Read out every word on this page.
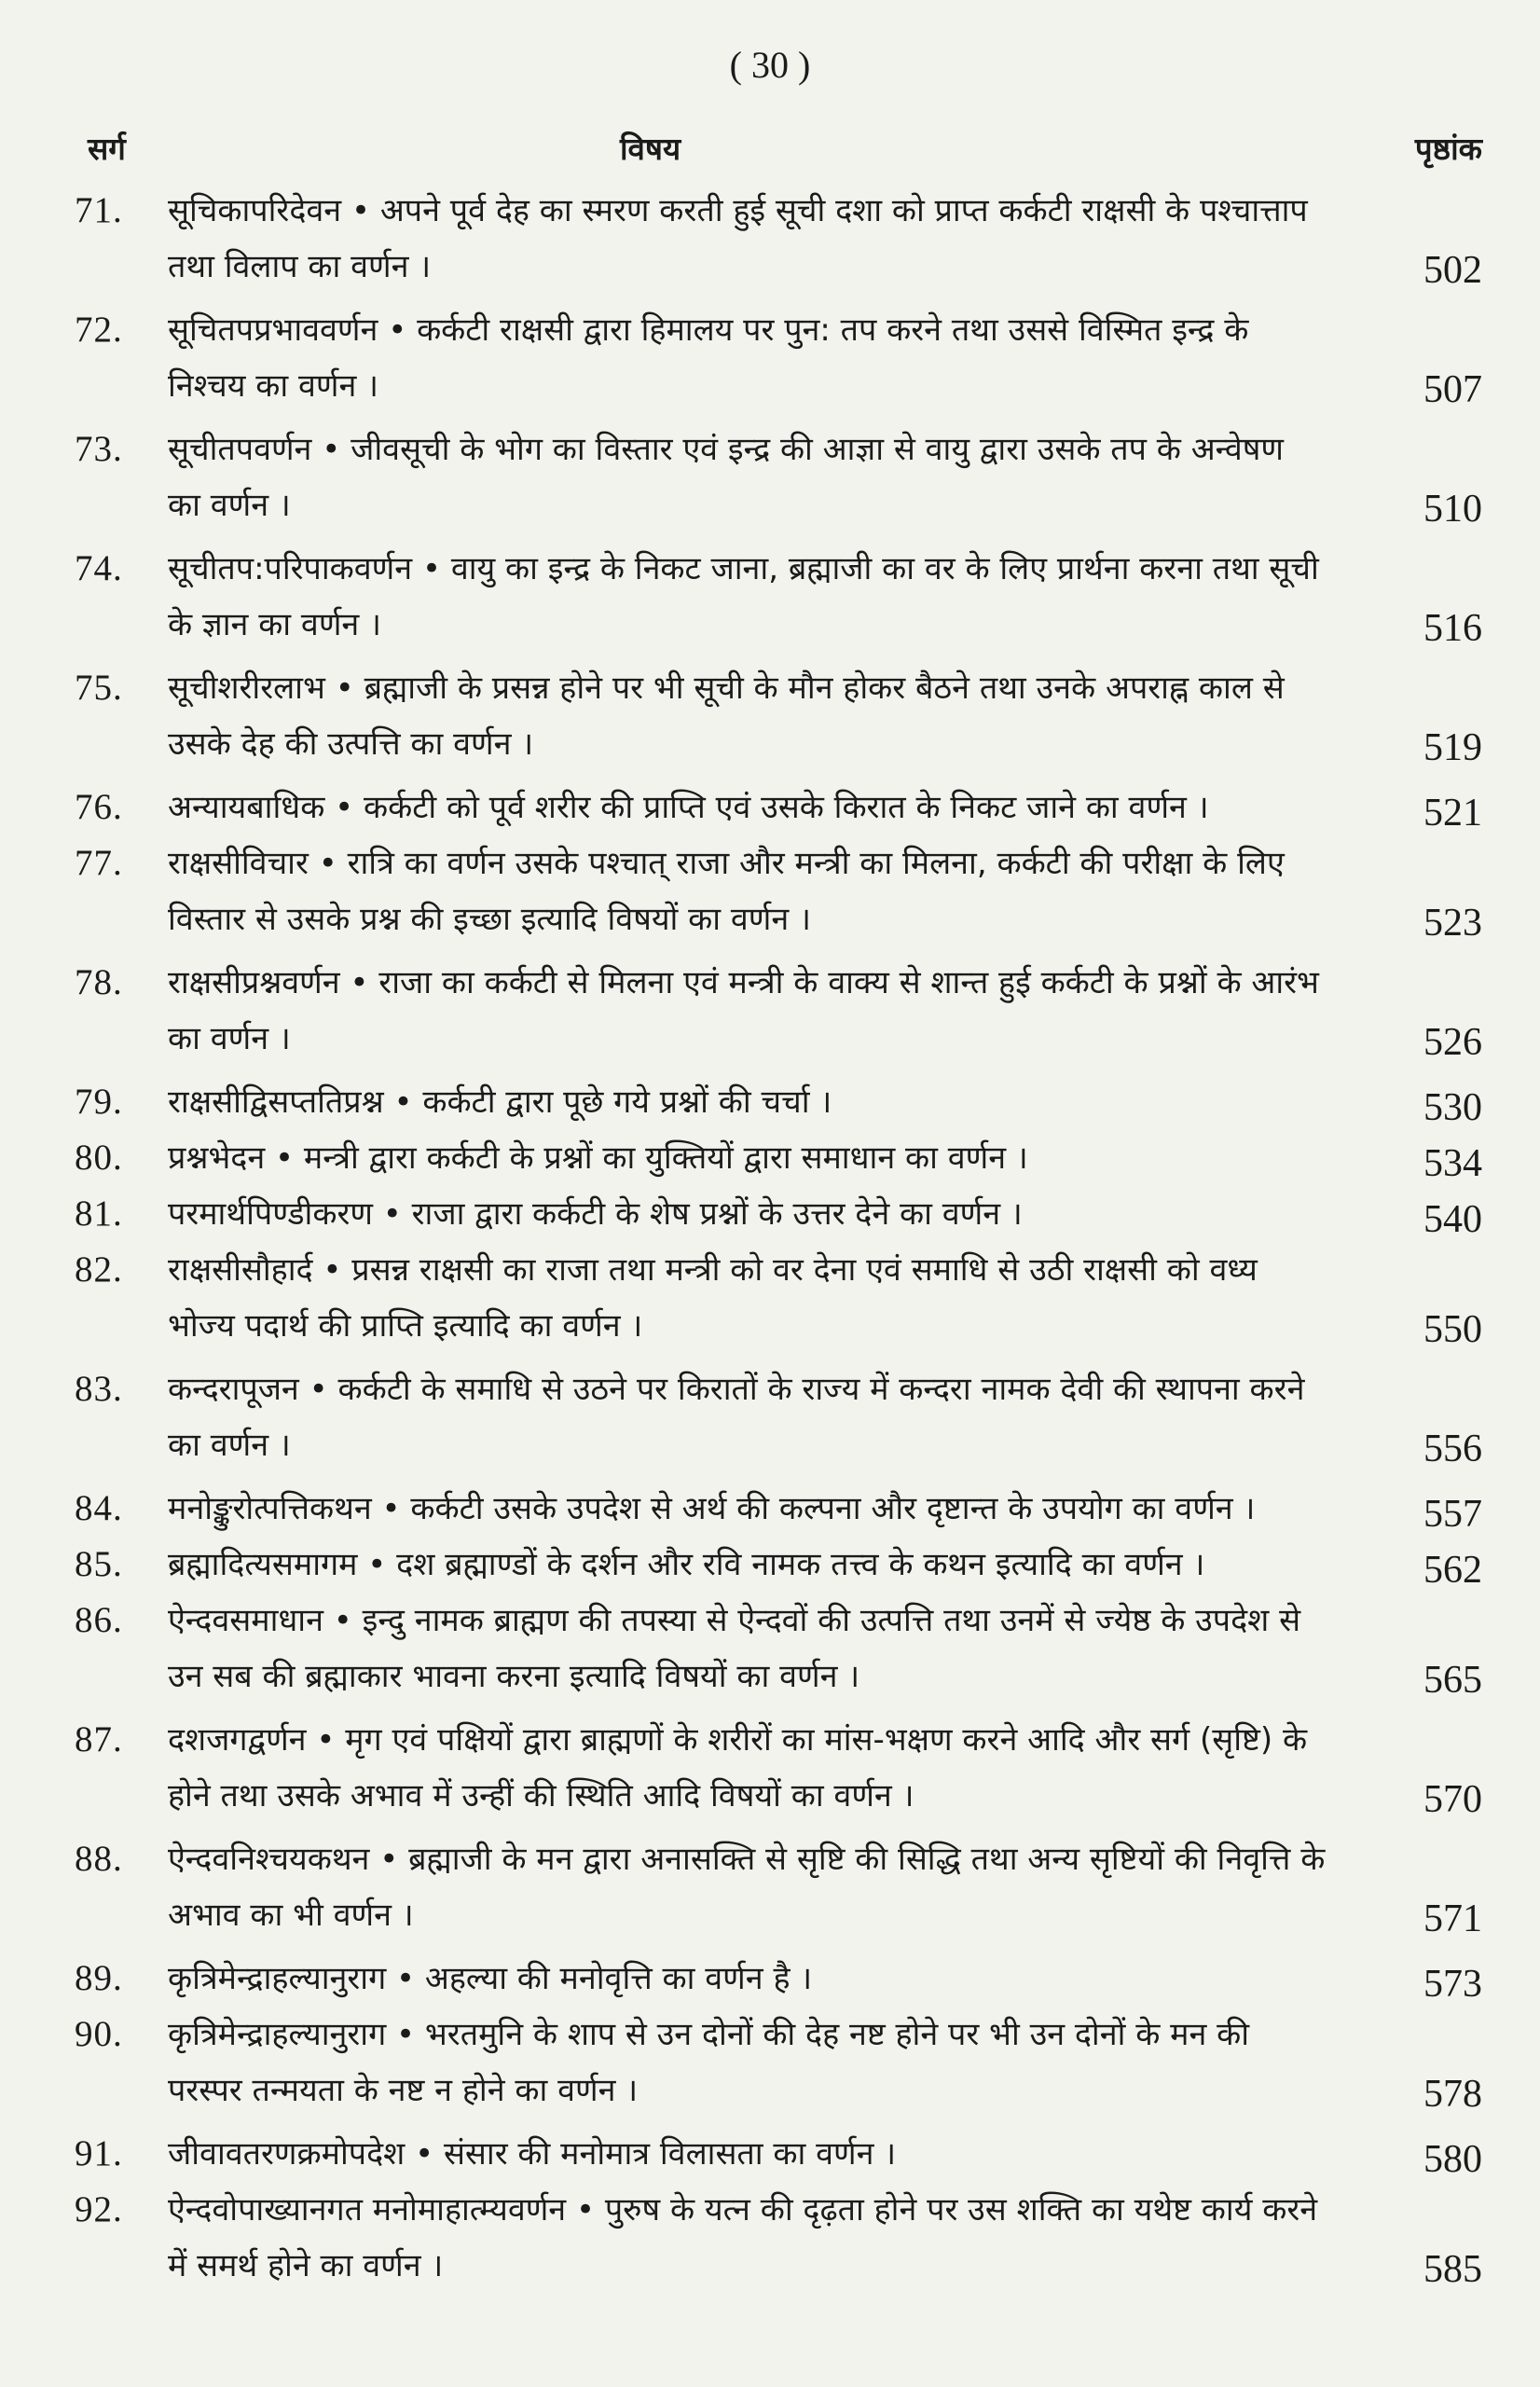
( 30 )
सर्ग	विषय	पृष्ठांक
71. सूचिकापरिदेवन • अपने पूर्व देह का स्मरण करती हुई सूची दशा को प्राप्त कर्कटी राक्षसी के पश्चात्ताप तथा विलाप का वर्णन ।	502
72. सूचितपप्रभाववर्णन • कर्कटी राक्षसी द्वारा हिमालय पर पुन: तप करने तथा उससे विस्मित इन्द्र के निश्चय का वर्णन ।	507
73. सूचीतपवर्णन • जीवसूची के भोग का विस्तार एवं इन्द्र की आज्ञा से वायु द्वारा उसके तप के अन्वेषण का वर्णन ।	510
74. सूचीतप:परिपाकवर्णन • वायु का इन्द्र के निकट जाना, ब्रह्माजी का वर के लिए प्रार्थना करना तथा सूची के ज्ञान का वर्णन ।	516
75. सूचीशरीरलाभ • ब्रह्माजी के प्रसन्न होने पर भी सूची के मौन होकर बैठने तथा उनके अपराह्न काल से उसके देह की उत्पत्ति का वर्णन ।	519
76. अन्यायबाधिक • कर्कटी को पूर्व शरीर की प्राप्ति एवं उसके किरात के निकट जाने का वर्णन ।	521
77. राक्षसीविचार • रात्रि का वर्णन उसके पश्चात् राजा और मन्त्री का मिलना, कर्कटी की परीक्षा के लिए विस्तार से उसके प्रश्न की इच्छा इत्यादि विषयों का वर्णन ।	523
78. राक्षसीप्रश्नवर्णन • राजा का कर्कटी से मिलना एवं मन्त्री के वाक्य से शान्त हुई कर्कटी के प्रश्नों के आरंभ का वर्णन ।	526
79. राक्षसीद्विसप्ततिप्रश्न • कर्कटी द्वारा पूछे गये प्रश्नों की चर्चा ।	530
80. प्रश्नभेदन • मन्त्री द्वारा कर्कटी के प्रश्नों का युक्तियों द्वारा समाधान का वर्णन ।	534
81. परमार्थपिण्डीकरण • राजा द्वारा कर्कटी के शेष प्रश्नों के उत्तर देने का वर्णन ।	540
82. राक्षसीसौहार्द • प्रसन्न राक्षसी का राजा तथा मन्त्री को वर देना एवं समाधि से उठी राक्षसी को वध्य भोज्य पदार्थ की प्राप्ति इत्यादि का वर्णन ।	550
83. कन्दरापूजन • कर्कटी के समाधि से उठने पर किरातों के राज्य में कन्दरा नामक देवी की स्थापना करने का वर्णन ।	556
84. मनोङ्कुरोत्पत्तिकथन • कर्कटी उसके उपदेश से अर्थ की कल्पना और दृष्टान्त के उपयोग का वर्णन ।	557
85. ब्रह्मादित्यसमागम • दश ब्रह्माण्डों के दर्शन और रवि नामक तत्त्व के कथन इत्यादि का वर्णन ।	562
86. ऐन्दवसमाधान • इन्दु नामक ब्राह्मण की तपस्या से ऐन्दवों की उत्पत्ति तथा उनमें से ज्येष्ठ के उपदेश से उन सब की ब्रह्माकार भावना करना इत्यादि विषयों का वर्णन ।	565
87. दशजगद्वर्णन • मृग एवं पक्षियों द्वारा ब्राह्मणों के शरीरों का मांस-भक्षण करने आदि और सर्ग (सृष्टि) के होने तथा उसके अभाव में उन्हीं की स्थिति आदि विषयों का वर्णन ।	570
88. ऐन्दवनिश्चयकथन • ब्रह्माजी के मन द्वारा अनासक्ति से सृष्टि की सिद्धि तथा अन्य सृष्टियों की निवृत्ति के अभाव का भी वर्णन ।	571
89. कृत्रिमेन्द्राहल्यानुराग • अहल्या की मनोवृत्ति का वर्णन है ।	573
90. कृत्रिमेन्द्राहल्यानुराग • भरतमुनि के शाप से उन दोनों की देह नष्ट होने पर भी उन दोनों के मन की परस्पर तन्मयता के नष्ट न होने का वर्णन ।	578
91. जीवावतरणक्रमोपदेश • संसार की मनोमात्र विलासता का वर्णन ।	580
92. ऐन्दवोपाख्यानगत मनोमाहात्म्यवर्णन • पुरुष के यत्न की दृढ़ता होने पर उस शक्ति का यथेष्ट कार्य करने में समर्थ होने का वर्णन ।	585
